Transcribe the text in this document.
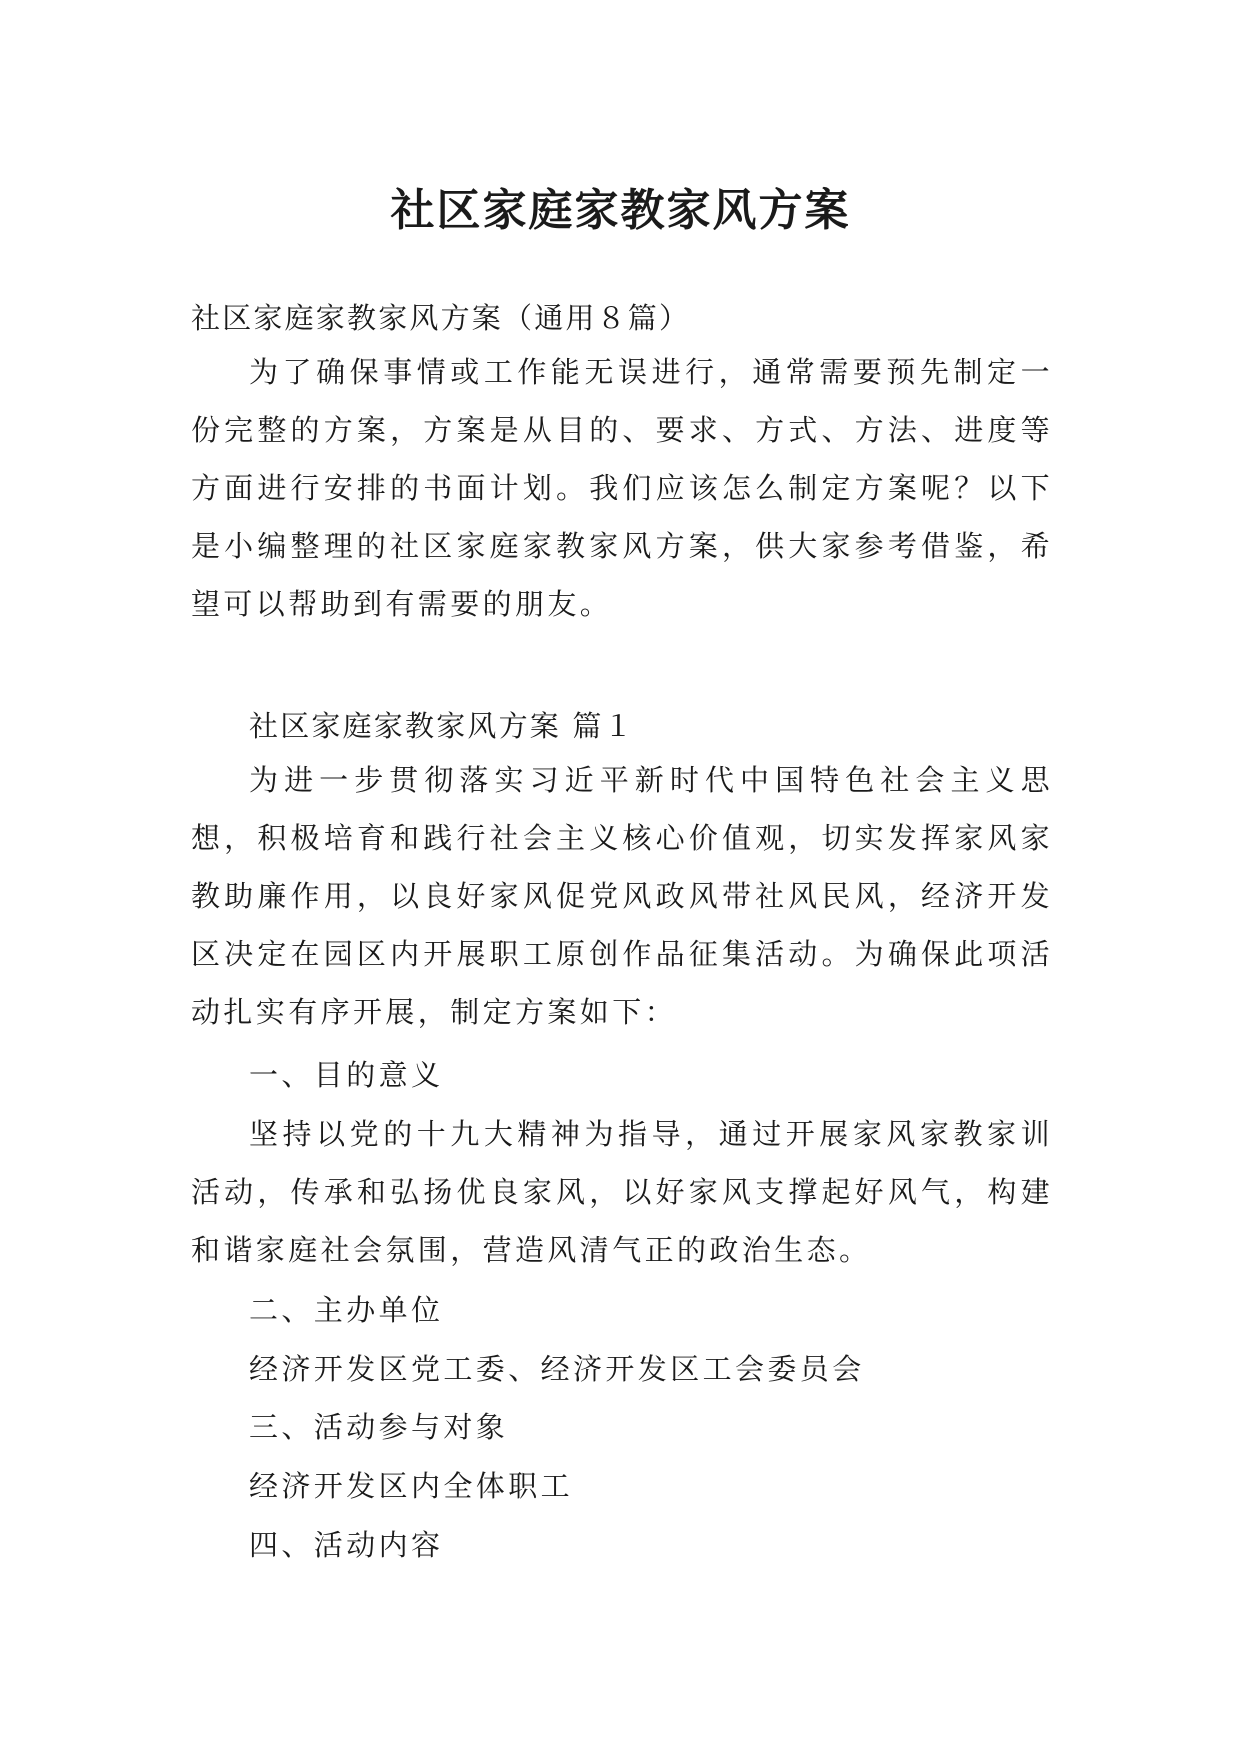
社区家庭家教家风方案

社区家庭家教家风方案（通用８篇）

为了确保事情或工作能无误进行，通常需要预先制定一份完整的方案，方案是从目的、要求、方式、方法、进度等方面进行安排的书面计划。我们应该怎么制定方案呢？以下是小编整理的社区家庭家教家风方案，供大家参考借鉴，希望可以帮助到有需要的朋友。

社区家庭家教家风方案 篇１

为进一步贯彻落实习近平新时代中国特色社会主义思想，积极培育和践行社会主义核心价值观，切实发挥家风家教助廉作用，以良好家风促党风政风带社风民风，经济开发区决定在园区内开展职工原创作品征集活动。为确保此项活动扎实有序开展，制定方案如下：

一、目的意义

坚持以党的十九大精神为指导，通过开展家风家教家训活动，传承和弘扬优良家风，以好家风支撑起好风气，构建和谐家庭社会氛围，营造风清气正的政治生态。

二、主办单位

经济开发区党工委、经济开发区工会委员会

三、活动参与对象

经济开发区内全体职工

四、活动内容
